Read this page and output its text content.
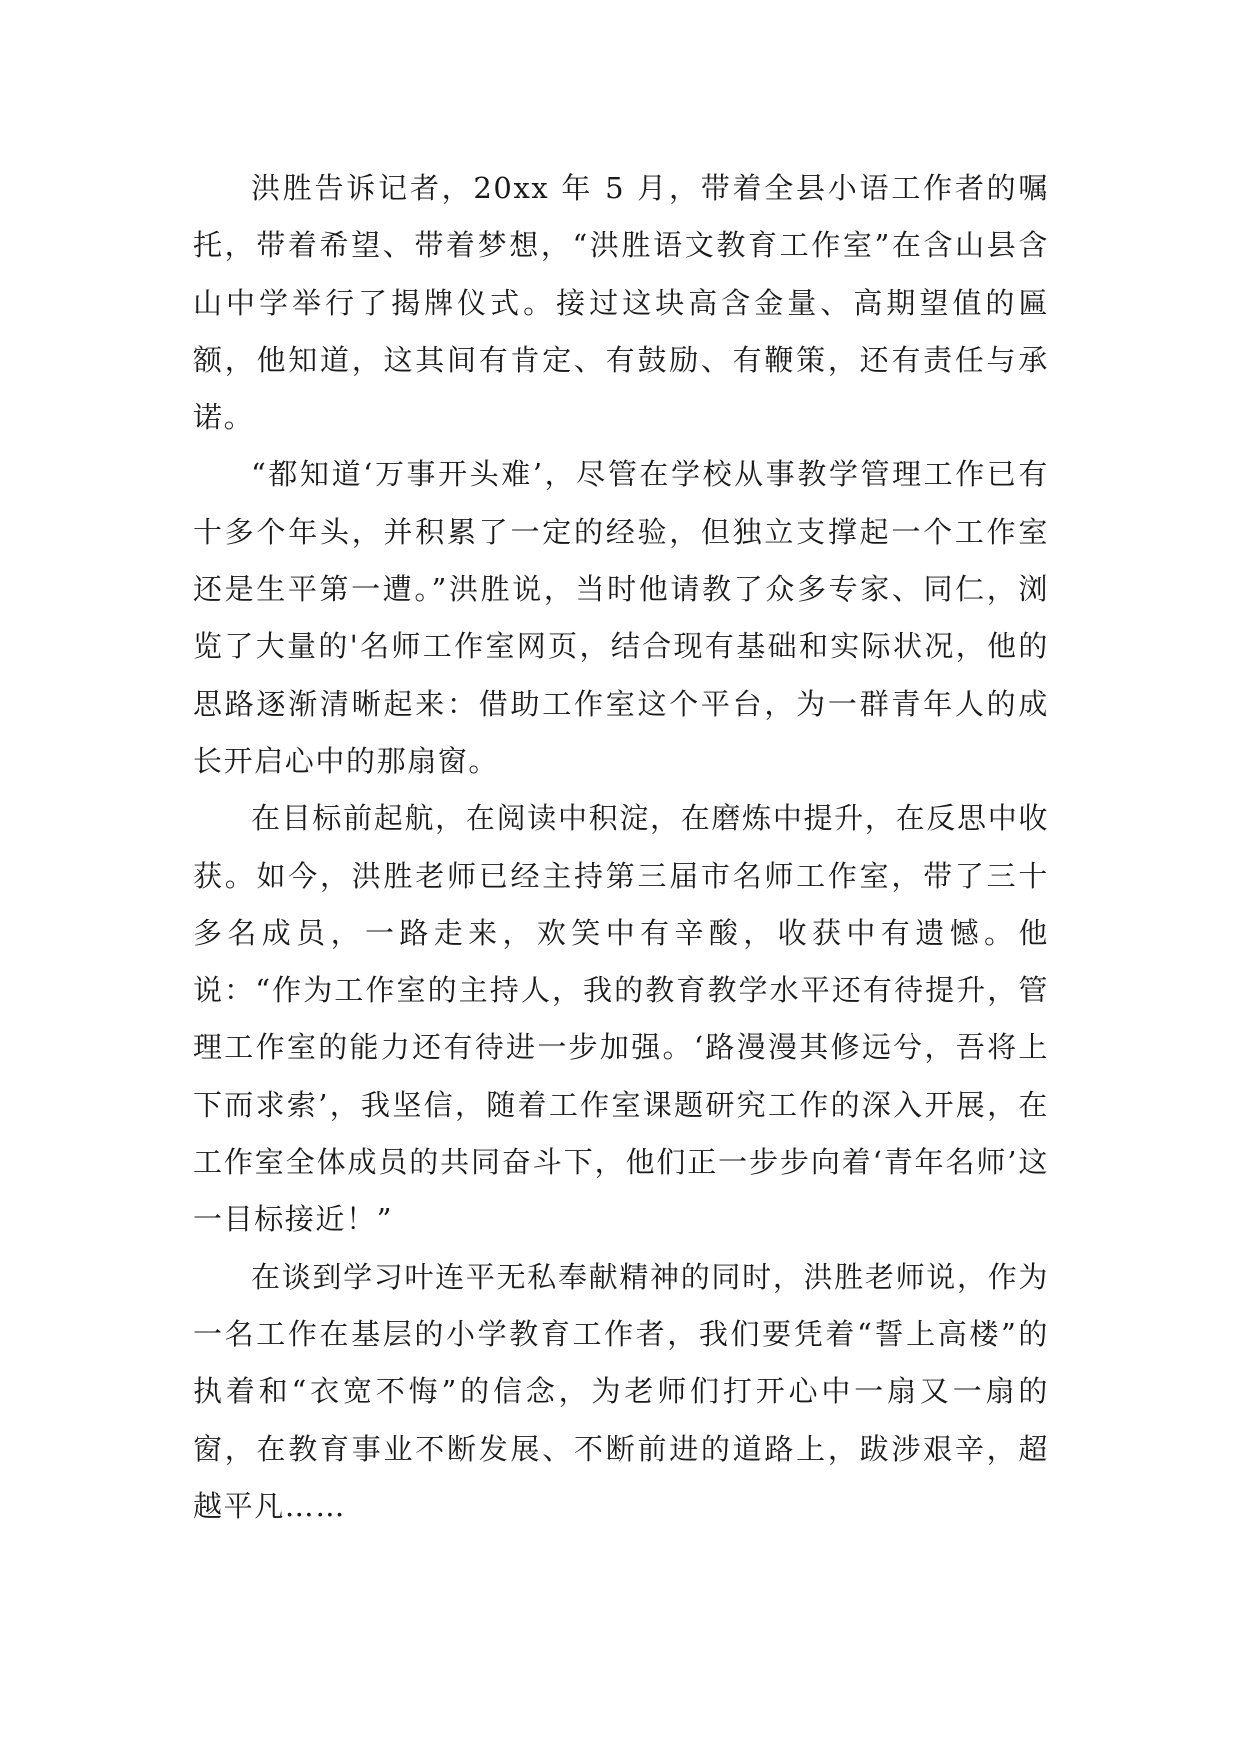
洪胜告诉记者，20xx 年 5 月，带着全县小语工作者的嘱托，带着希望、带着梦想，“洪胜语文教育工作室”在含山县含山中学举行了揭牌仪式。接过这块高含金量、高期望值的匾额，他知道，这其间有肯定、有鼓励、有鞭策，还有责任与承诺。

“都知道‘万事开头难’，尽管在学校从事教学管理工作已有十多个年头，并积累了一定的经验，但独立支撑起一个工作室还是生平第一遭。”洪胜说，当时他请教了众多专家、同仁，浏览了大量的'名师工作室网页，结合现有基础和实际状况，他的思路逐渐清晰起来：借助工作室这个平台，为一群青年人的成长开启心中的那扇窗。

在目标前起航，在阅读中积淀，在磨炼中提升，在反思中收获。如今，洪胜老师已经主持第三届市名师工作室，带了三十多名成员，一路走来，欢笑中有辛酸，收获中有遗憾。他说：“作为工作室的主持人，我的教育教学水平还有待提升，管理工作室的能力还有待进一步加强。‘路漫漫其修远兮，吾将上下而求索’，我坚信，随着工作室课题研究工作的深入开展，在工作室全体成员的共同奋斗下，他们正一步步向着‘青年名师’这一目标接近！”

在谈到学习叶连平无私奉献精神的同时，洪胜老师说，作为一名工作在基层的小学教育工作者，我们要凭着“誓上高楼”的执着和“衣宽不悔”的信念，为老师们打开心中一扇又一扇的窗，在教育事业不断发展、不断前进的道路上，跋涉艰辛，超越平凡……
